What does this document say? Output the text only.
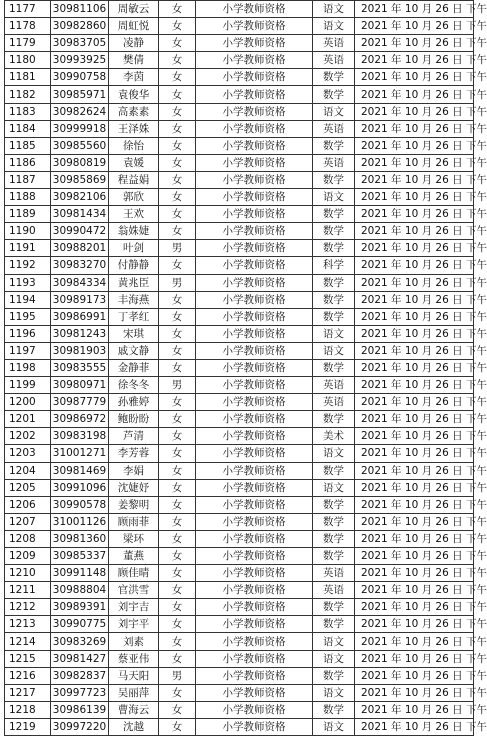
1177	30981106	周敏云	女	小学教师资格	语文	2021 年 10 月 26 日 下午
1178	30982860	周虹悦	女	小学教师资格	语文	2021 年 10 月 26 日 下午
1179	30983705	凌静	女	小学教师资格	英语	2021 年 10 月 26 日 下午
1180	30993925	樊倩	女	小学教师资格	英语	2021 年 10 月 26 日 下午
1181	30990758	李茵	女	小学教师资格	数学	2021 年 10 月 26 日 下午
1182	30985971	袁俊华	女	小学教师资格	数学	2021 年 10 月 26 日 下午
1183	30982624	高素素	女	小学教师资格	语文	2021 年 10 月 26 日 下午
1184	30999918	王泽姝	女	小学教师资格	英语	2021 年 10 月 26 日 下午
1185	30985560	徐怡	女	小学教师资格	数学	2021 年 10 月 26 日 下午
1186	30980819	袁媛	女	小学教师资格	英语	2021 年 10 月 26 日 下午
1187	30985869	程益娟	女	小学教师资格	数学	2021 年 10 月 26 日 下午
1188	30982106	郭欣	女	小学教师资格	语文	2021 年 10 月 26 日 下午
1189	30981434	王欢	女	小学教师资格	数学	2021 年 10 月 26 日 下午
1190	30990472	翁姝婕	女	小学教师资格	数学	2021 年 10 月 26 日 下午
1191	30988201	叶剑	男	小学教师资格	数学	2021 年 10 月 26 日 下午
1192	30983270	付静静	女	小学教师资格	科学	2021 年 10 月 26 日 下午
1193	30984334	黄兆臣	男	小学教师资格	数学	2021 年 10 月 26 日 下午
1194	30989173	丰海燕	女	小学教师资格	数学	2021 年 10 月 26 日 下午
1195	30986991	丁孝红	女	小学教师资格	数学	2021 年 10 月 26 日 下午
1196	30981243	宋琪	女	小学教师资格	语文	2021 年 10 月 26 日 下午
1197	30981903	戚文静	女	小学教师资格	语文	2021 年 10 月 26 日 下午
1198	30983555	金静菲	女	小学教师资格	数学	2021 年 10 月 26 日 下午
1199	30980971	徐冬冬	男	小学教师资格	英语	2021 年 10 月 26 日 下午
1200	30987779	孙雅婷	女	小学教师资格	英语	2021 年 10 月 26 日 下午
1201	30986972	鲍盼盼	女	小学教师资格	数学	2021 年 10 月 26 日 下午
1202	30983198	芦清	女	小学教师资格	美术	2021 年 10 月 26 日 下午
1203	31001271	李芳蓉	女	小学教师资格	语文	2021 年 10 月 26 日 下午
1204	30981469	李娟	女	小学教师资格	数学	2021 年 10 月 26 日 下午
1205	30991096	沈婕妤	女	小学教师资格	语文	2021 年 10 月 26 日 下午
1206	30990578	姜黎明	女	小学教师资格	数学	2021 年 10 月 26 日 下午
1207	31001126	顾雨菲	女	小学教师资格	数学	2021 年 10 月 26 日 下午
1208	30981360	梁环	女	小学教师资格	数学	2021 年 10 月 26 日 下午
1209	30985337	董燕	女	小学教师资格	数学	2021 年 10 月 26 日 下午
1210	30991148	顾佳晴	女	小学教师资格	英语	2021 年 10 月 26 日 下午
1211	30988804	官洪雪	女	小学教师资格	英语	2021 年 10 月 26 日 下午
1212	30989391	刘宇吉	女	小学教师资格	数学	2021 年 10 月 26 日 下午
1213	30990775	刘宇平	女	小学教师资格	数学	2021 年 10 月 26 日 下午
1214	30983269	刘素	女	小学教师资格	语文	2021 年 10 月 26 日 下午
1215	30981427	蔡亚伟	女	小学教师资格	语文	2021 年 10 月 26 日 下午
1216	30982837	马天阳	男	小学教师资格	数学	2021 年 10 月 26 日 下午
1217	30997723	吴丽萍	女	小学教师资格	语文	2021 年 10 月 26 日 下午
1218	30986139	曹海云	女	小学教师资格	数学	2021 年 10 月 26 日 下午
1219	30997220	沈越	女	小学教师资格	语文	2021 年 10 月 26 日 下午
